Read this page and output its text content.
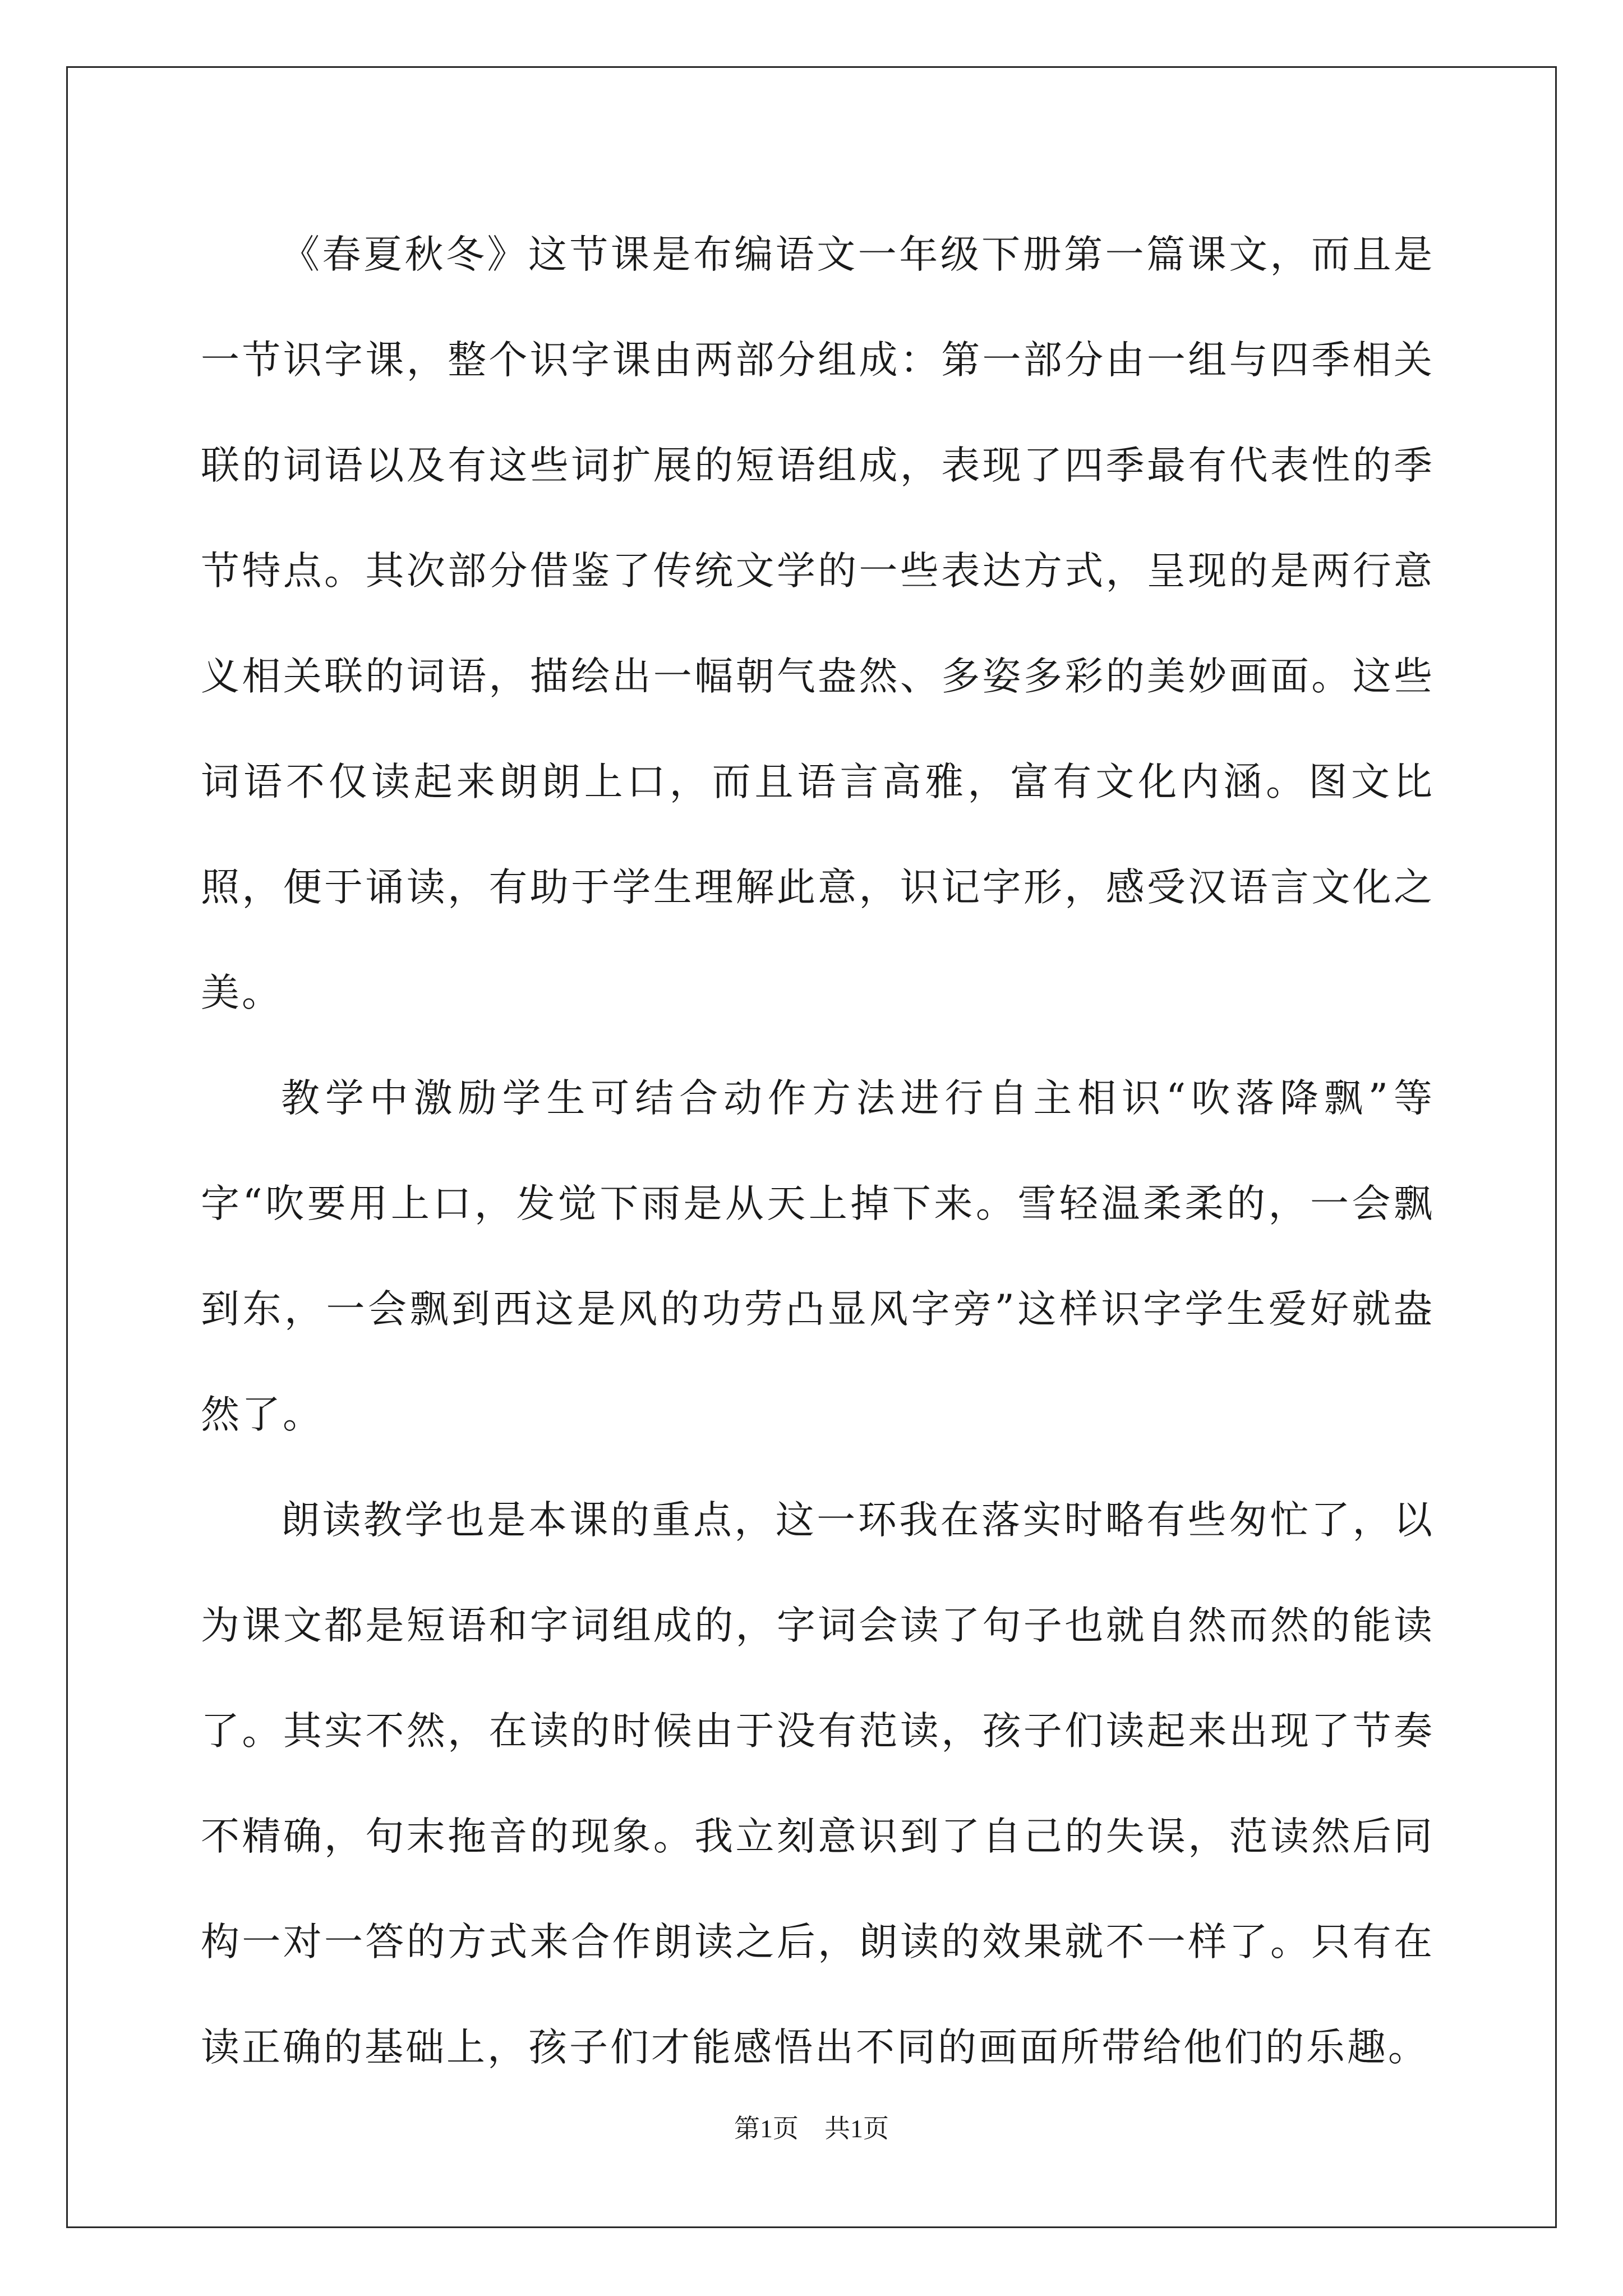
《春夏秋冬》这节课是布编语文一年级下册第一篇课文，而且是一节识字课，整个识字课由两部分组成：第一部分由一组与四季相关联的词语以及有这些词扩展的短语组成，表现了四季最有代表性的季节特点。其次部分借鉴了传统文学的一些表达方式，呈现的是两行意义相关联的词语，描绘出一幅朝气盎然、多姿多彩的美妙画面。这些词语不仅读起来朗朗上口，而且语言高雅，富有文化内涵。图文比照，便于诵读，有助于学生理解此意，识记字形，感受汉语言文化之美。

教学中激励学生可结合动作方法进行自主相识“吹落降飘”等字“吹要用上口，发觉下雨是从天上掉下来。雪轻温柔柔的，一会飘到东，一会飘到西这是风的功劳凸显风字旁”这样识字学生爱好就盎然了。

朗读教学也是本课的重点，这一环我在落实时略有些匆忙了，以为课文都是短语和字词组成的，字词会读了句子也就自然而然的能读了。其实不然，在读的时候由于没有范读，孩子们读起来出现了节奏不精确，句末拖音的现象。我立刻意识到了自己的失误，范读然后同构一对一答的方式来合作朗读之后，朗读的效果就不一样了。只有在读正确的基础上，孩子们才能感悟出不同的画面所带给他们的乐趣。

第1页　共1页
